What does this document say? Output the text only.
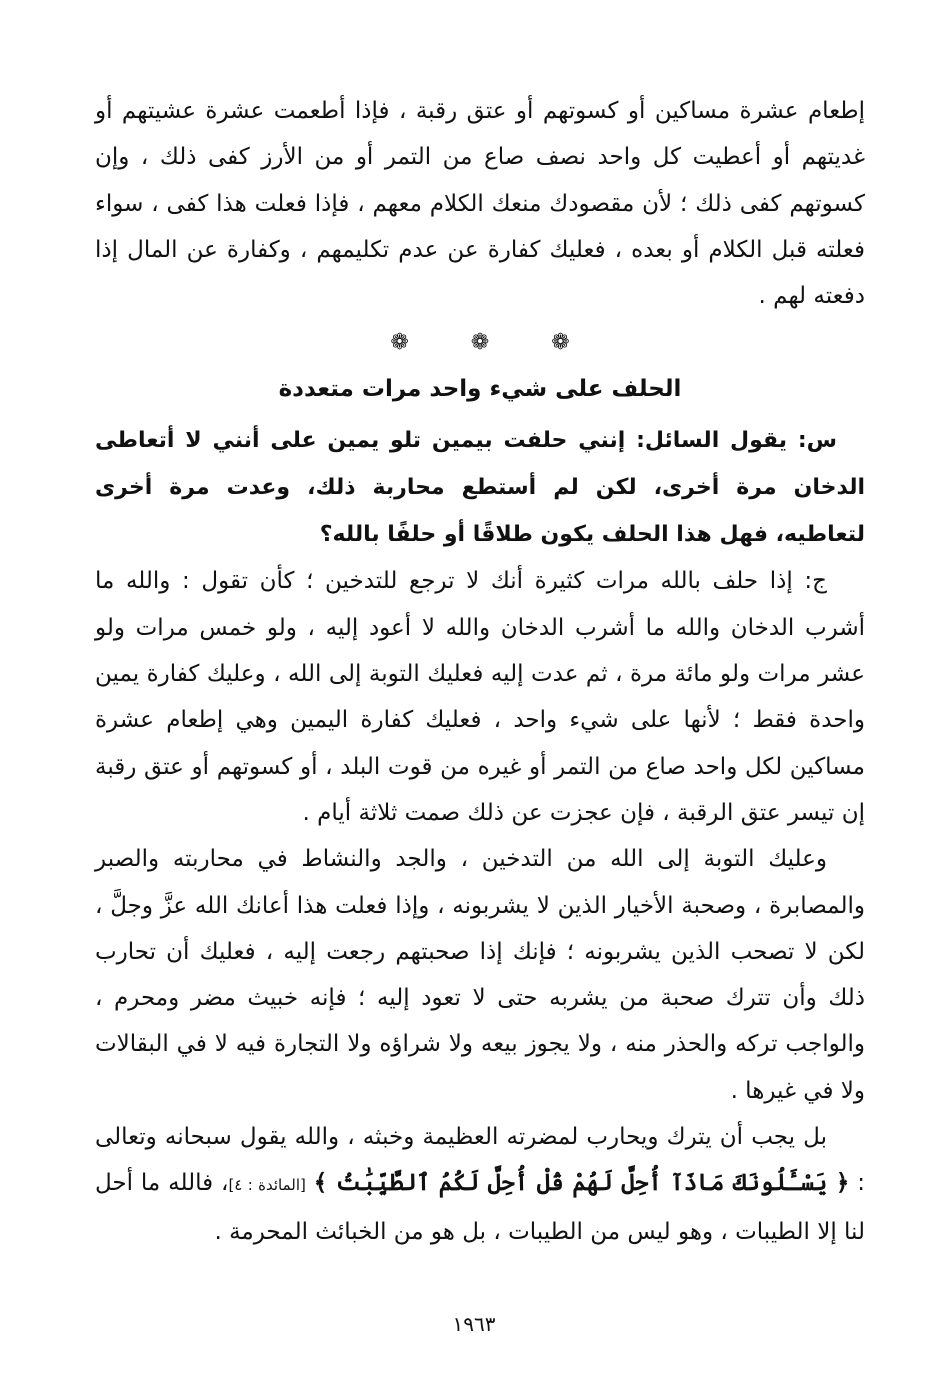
إطعام عشرة مساكين أو كسوتهم أو عتق رقبة ، فإذا أطعمت عشرة عشيتهم أو غديتهم أو أعطيت كل واحد نصف صاع من التمر أو من الأرز كفى ذلك ، وإن كسوتهم كفى ذلك ؛ لأن مقصودك منعك الكلام معهم ، فإذا فعلت هذا كفى ، سواء فعلته قبل الكلام أو بعده ، فعليك كفارة عن عدم تكليمهم ، وكفارة عن المال إذا دفعته لهم .

❁	❁	❁
الحلف على شيء واحد مرات متعددة

س: يقول السائل: إنني حلفت بيمين تلو يمين على أنني لا أتعاطى الدخان مرة أخرى، لكن لم أستطع محاربة ذلك، وعدت مرة أخرى لتعاطيه، فهل هذا الحلف يكون طلاقًا أو حلفًا بالله؟

ج: إذا حلف بالله مرات كثيرة أنك لا ترجع للتدخين ؛ كأن تقول : والله ما أشرب الدخان والله ما أشرب الدخان والله لا أعود إليه ، ولو خمس مرات ولو عشر مرات ولو مائة مرة ، ثم عدت إليه فعليك التوبة إلى الله ، وعليك كفارة يمين واحدة فقط ؛ لأنها على شيء واحد ، فعليك كفارة اليمين وهي إطعام عشرة مساكين لكل واحد صاع من التمر أو غيره من قوت البلد ، أو كسوتهم أو عتق رقبة إن تيسر عتق الرقبة ، فإن عجزت عن ذلك صمت ثلاثة أيام .

وعليك التوبة إلى الله من التدخين ، والجد والنشاط في محاربته والصبر والمصابرة ، وصحبة الأخيار الذين لا يشربونه ، وإذا فعلت هذا أعانك الله عزَّ وجلَّ ، لكن لا تصحب الذين يشربونه ؛ فإنك إذا صحبتهم رجعت إليه ، فعليك أن تحارب ذلك وأن تترك صحبة من يشربه حتى لا تعود إليه ؛ فإنه خبيث مضر ومحرم ، والواجب تركه والحذر منه ، ولا يجوز بيعه ولا شراؤه ولا التجارة فيه لا في البقالات ولا في غيرها .

بل يجب أن يترك ويحارب لمضرته العظيمة وخبثه ، والله يقول سبحانه وتعالى : ﴿ يَسْـَٔلُونَكَ مَاذَآ أُحِلَّ لَهُمْ قُلْ أُحِلَّ لَكُمُ ٱلطَّيِّبَٰتُ ﴾ [المائدة : ٤]، فالله ما أحل لنا إلا الطيبات ، وهو ليس من الطيبات ، بل هو من الخبائث المحرمة .

١٩٦٣
